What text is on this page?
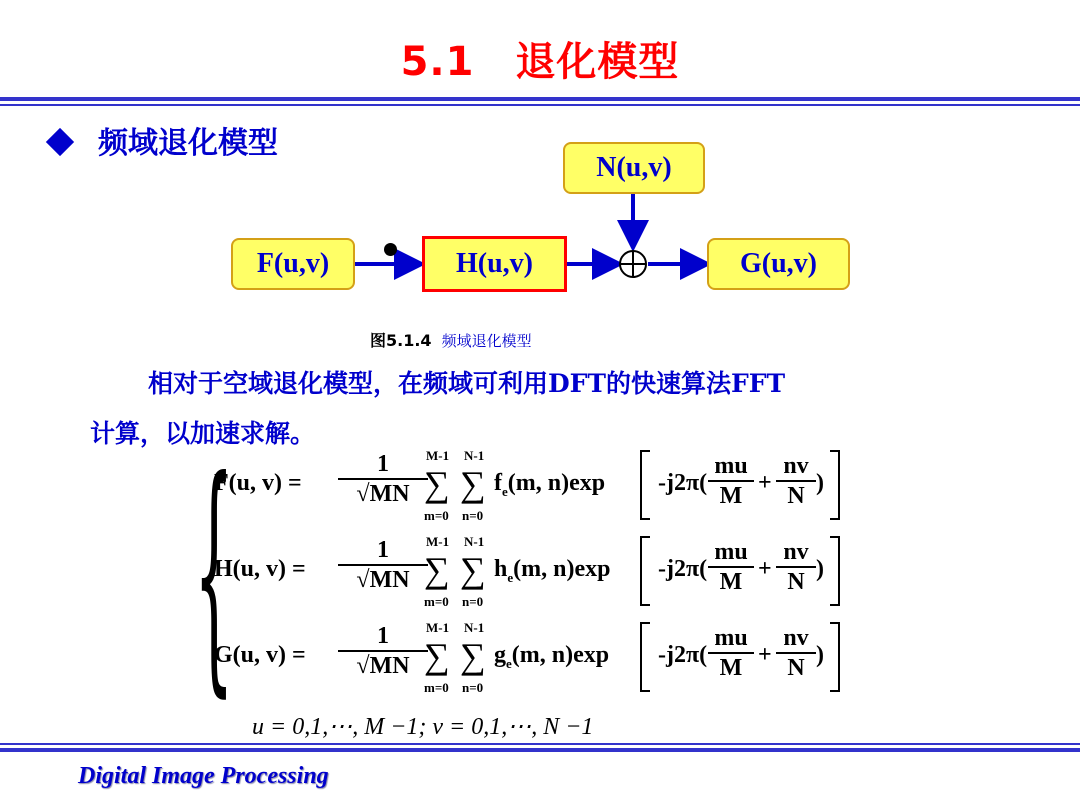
5.1　退化模型
频域退化模型
F(u,v)	H(u,v)
N(u,v)
G(u,v)
图5.1.4 频域退化模型
相对于空域退化模型，在频域可利用DFT的快速算法FFT
计算，以加速求解。
{
F(u, v) =
1
√MN
M-1 N-1
∑ ∑
m=0 n=0
$f_e(m$, n)exp -j2π(
mu
M +
nv
N )
H(u, v) =
1
√MN
M-1 N-1
∑ ∑
m=0 n=0
$h_e(m$, n)exp -j2π(
mu
M +
nv
N )
G(u, v) =
1
√MN
M-1 N-1
∑ ∑
m=0 n=0
$g_e(m$, n)exp -j2π(
mu
M +
nv
N )
u = 0,1,⋯, M −1; v = 0,1,⋯, N −1
Digital Image Processing
